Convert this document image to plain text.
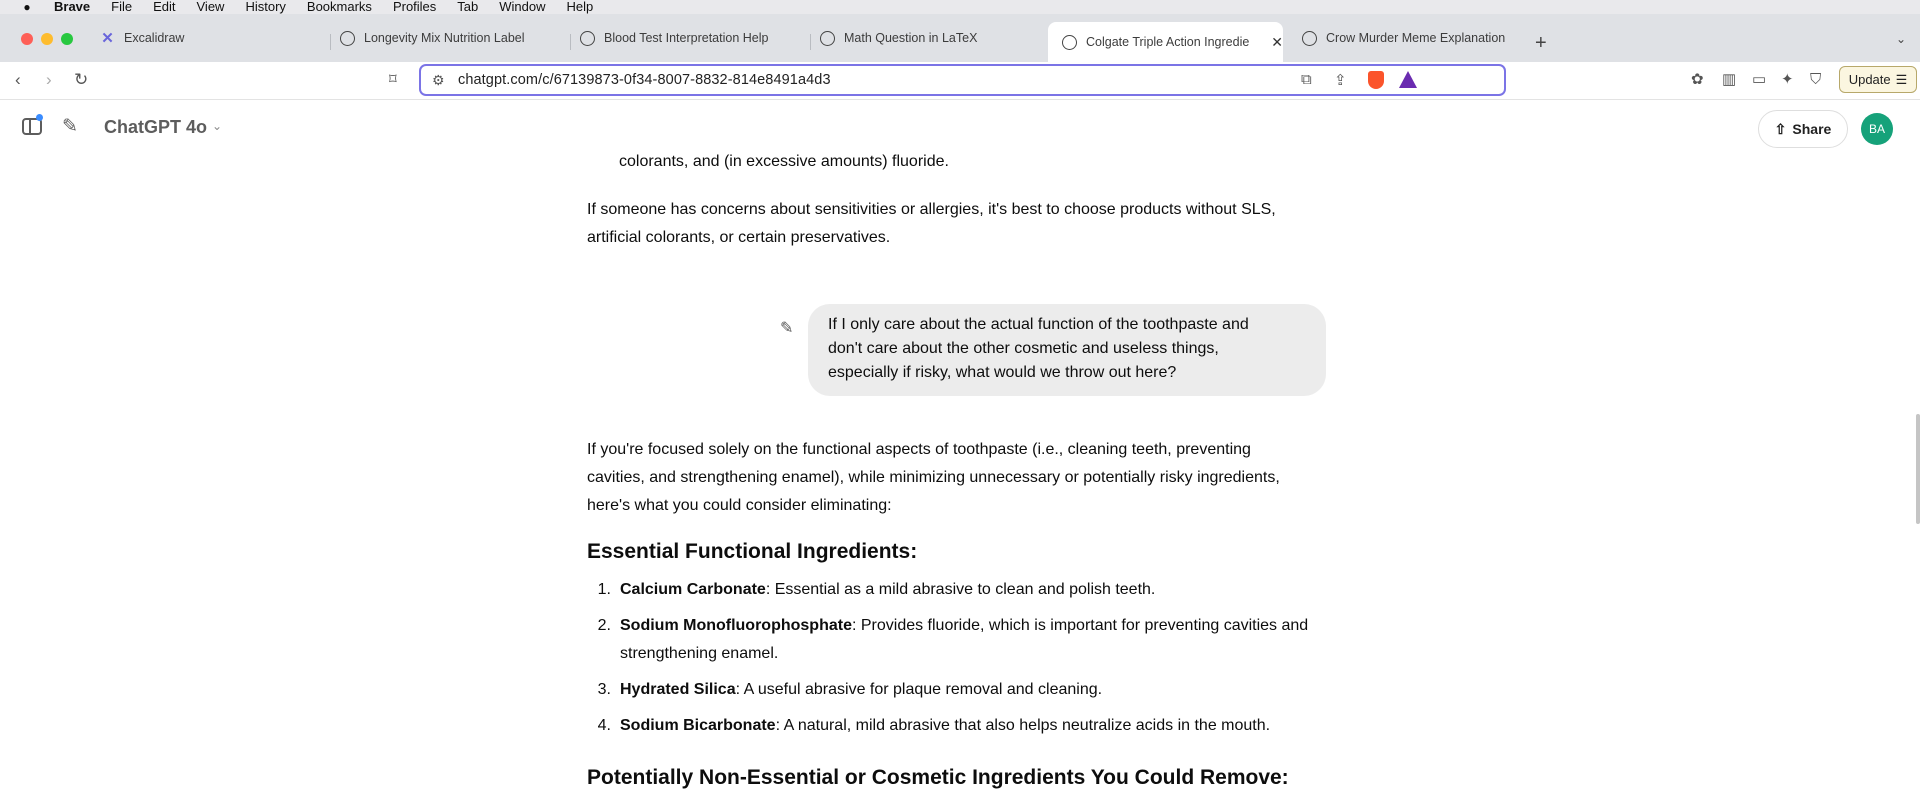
●	Brave File Edit View History Bookmarks Profiles Tab Window Help
✕ Excalidraw	Longevity Mix Nutrition Label	Blood Test Interpretation Help	Math Question in LaTeX	Colgate Triple Action Ingredie	✕	Crow Murder Meme Explanation +	⌄
‹ › ↻	⌑	⚙ chatgpt.com/c/67139873-0f34-8007-8832-814e8491a4d3	⧉ ⇪	✿ ▥ ▭ ✦ ⛉ Update ☰
✎ ChatGPT 4o ⌄	⇧ Share	BA
colorants, and (in excessive amounts) fluoride.
If someone has concerns about sensitivities or allergies, it's best to choose products without SLS,
artificial colorants, or certain preservatives.
✎ If I only care about the actual function of the toothpaste and
don't care about the other cosmetic and useless things,
especially if risky, what would we throw out here?
If you're focused solely on the functional aspects of toothpaste (i.e., cleaning teeth, preventing
cavities, and strengthening enamel), while minimizing unnecessary or potentially risky ingredients,
here's what you could consider eliminating:
Essential Functional Ingredients:
1. Calcium Carbonate: Essential as a mild abrasive to clean and polish teeth.
2. Sodium Monofluorophosphate: Provides fluoride, which is important for preventing cavities and
strengthening enamel.
3. Hydrated Silica: A useful abrasive for plaque removal and cleaning.
4. Sodium Bicarbonate: A natural, mild abrasive that also helps neutralize acids in the mouth.
Potentially Non-Essential or Cosmetic Ingredients You Could Remove:
